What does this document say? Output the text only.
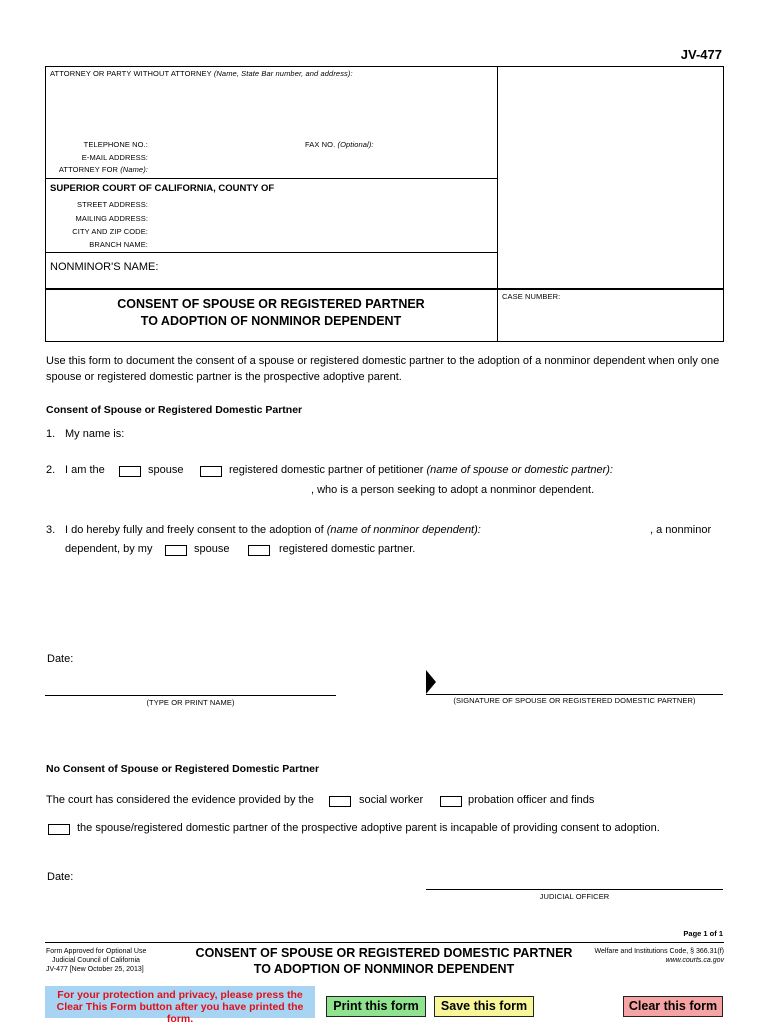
JV-477
ATTORNEY OR PARTY WITHOUT ATTORNEY (Name, State Bar number, and address):
TELEPHONE NO.:	FAX NO. (Optional):
E-MAIL ADDRESS:
ATTORNEY FOR (Name):
SUPERIOR COURT OF CALIFORNIA, COUNTY OF
STREET ADDRESS:
MAILING ADDRESS:
CITY AND ZIP CODE:
BRANCH NAME:
NONMINOR'S NAME:
CONSENT OF SPOUSE OR REGISTERED PARTNER
TO ADOPTION OF NONMINOR DEPENDENT
CASE NUMBER:
Use this form to document the consent of a spouse or registered domestic partner to the adoption of a nonminor dependent when only one spouse or registered domestic partner is the prospective adoptive parent.
Consent of Spouse or Registered Domestic Partner
1. My name is:
2. I am the	spouse	registered domestic partner of petitioner (name of spouse or domestic partner):
, who is a person seeking to adopt a nonminor dependent.
3. I do hereby fully and freely consent to the adoption of (name of nonminor dependent):	, a nonminor
dependent, by my	spouse	registered domestic partner.
Date:
(TYPE OR PRINT NAME)	(SIGNATURE OF SPOUSE OR REGISTERED DOMESTIC PARTNER)
No Consent of Spouse or Registered Domestic Partner
The court has considered the evidence provided by the	social worker	probation officer and finds
the spouse/registered domestic partner of the prospective adoptive parent is incapable of providing consent to adoption.
Date:
JUDICIAL OFFICER
Page 1 of 1
Form Approved for Optional Use
Judicial Council of California
JV-477 [New October 25, 2013]
CONSENT OF SPOUSE OR REGISTERED DOMESTIC PARTNER
TO ADOPTION OF NONMINOR DEPENDENT
Welfare and Institutions Code, § 366.31(f)
www.courts.ca.gov
For your protection and privacy, please press the Clear This Form button after you have printed the form.
Print this form	Save this form	Clear this form
